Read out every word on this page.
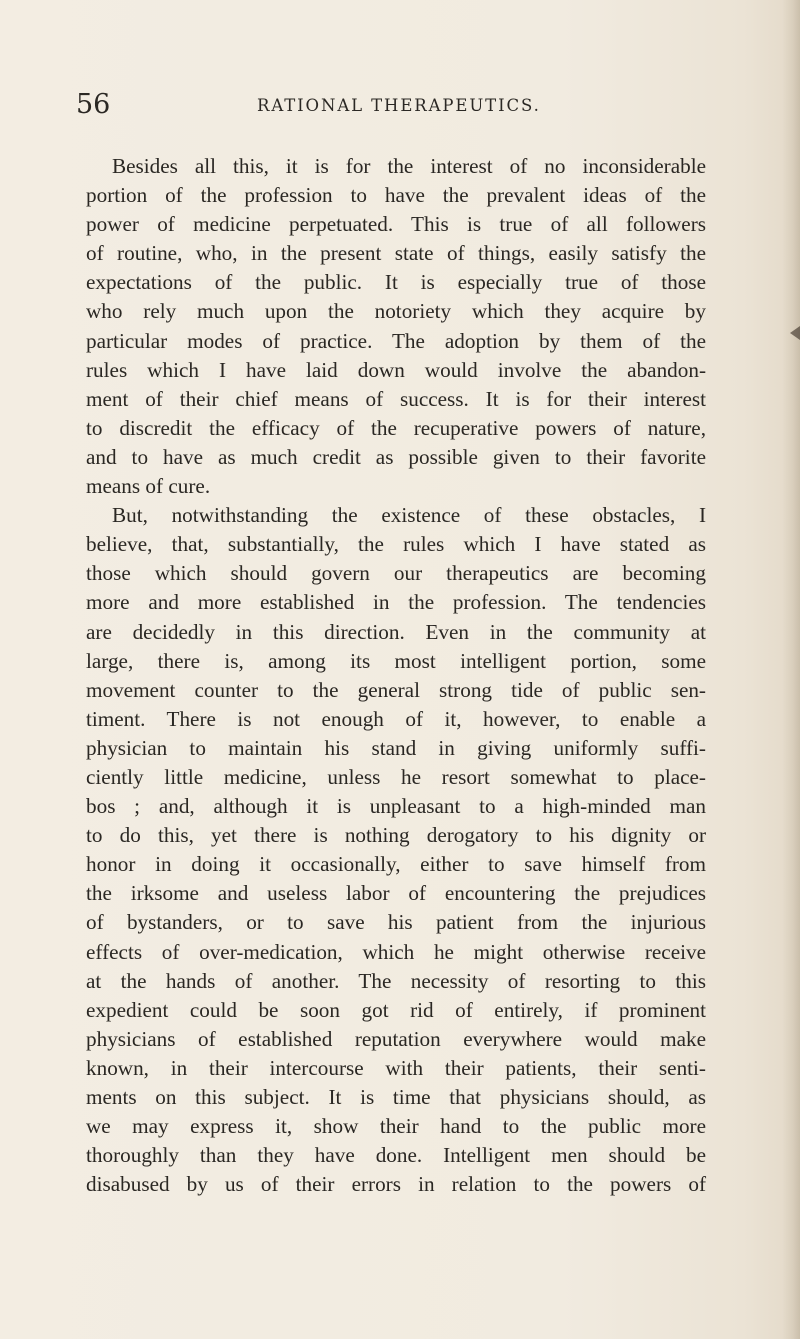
56	RATIONAL THERAPEUTICS.
Besides all this, it is for the interest of no inconsiderable
portion of the profession to have the prevalent ideas of the
power of medicine perpetuated. This is true of all followers
of routine, who, in the present state of things, easily satisfy the
expectations of the public. It is especially true of those
who rely much upon the notoriety which they acquire by
particular modes of practice. The adoption by them of the
rules which I have laid down would involve the abandon-
ment of their chief means of success. It is for their interest
to discredit the efficacy of the recuperative powers of nature,
and to have as much credit as possible given to their favorite
means of cure.
But, notwithstanding the existence of these obstacles, I
believe, that, substantially, the rules which I have stated as
those which should govern our therapeutics are becoming
more and more established in the profession. The tendencies
are decidedly in this direction. Even in the community at
large, there is, among its most intelligent portion, some
movement counter to the general strong tide of public sen-
timent. There is not enough of it, however, to enable a
physician to maintain his stand in giving uniformly suffi-
ciently little medicine, unless he resort somewhat to place-
bos ; and, although it is unpleasant to a high-minded man
to do this, yet there is nothing derogatory to his dignity or
honor in doing it occasionally, either to save himself from
the irksome and useless labor of encountering the prejudices
of bystanders, or to save his patient from the injurious
effects of over-medication, which he might otherwise receive
at the hands of another. The necessity of resorting to this
expedient could be soon got rid of entirely, if prominent
physicians of established reputation everywhere would make
known, in their intercourse with their patients, their senti-
ments on this subject. It is time that physicians should, as
we may express it, show their hand to the public more
thoroughly than they have done. Intelligent men should be
disabused by us of their errors in relation to the powers of
